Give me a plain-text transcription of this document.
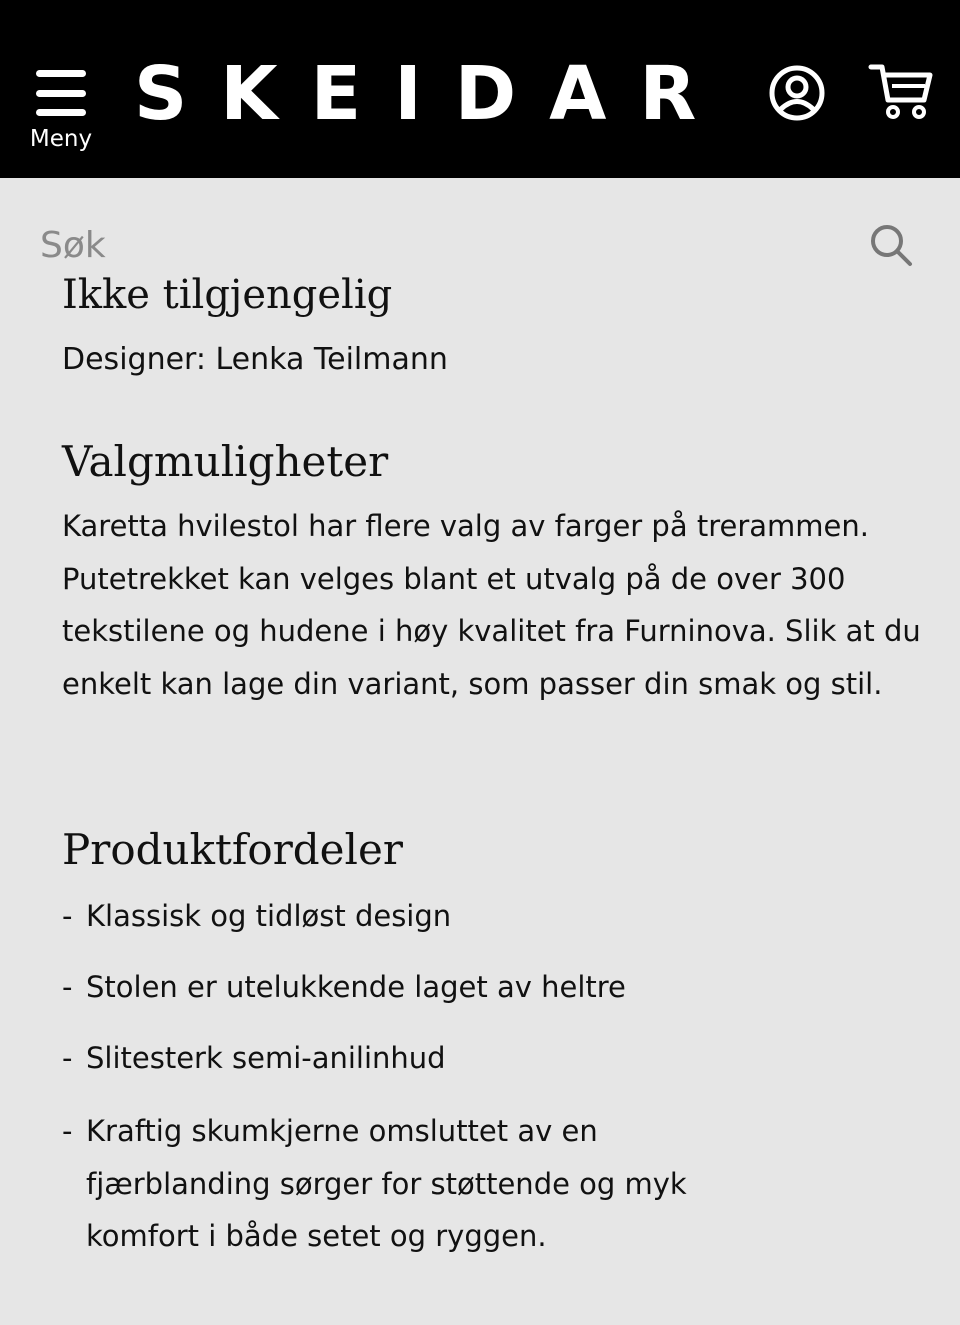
Meny
SKEIDAR
Søk
Ikke tilgjengelig
Designer: Lenka Teilmann
Valgmuligheter

Karetta hvilestol har flere valg av farger på trerammen. Putetrekket kan velges blant et utvalg på de over 300 tekstilene og hudene i høy kvalitet fra Furninova. Slik at du enkelt kan lage din variant, som passer din smak og stil.

Produktfordeler
- Klassisk og tidløst design
- Stolen er utelukkende laget av heltre
- Slitesterk semi-anilinhud
- Kraftig skumkjerne omsluttet av en fjærblanding sørger for støttende og myk komfort i både setet og ryggen.
